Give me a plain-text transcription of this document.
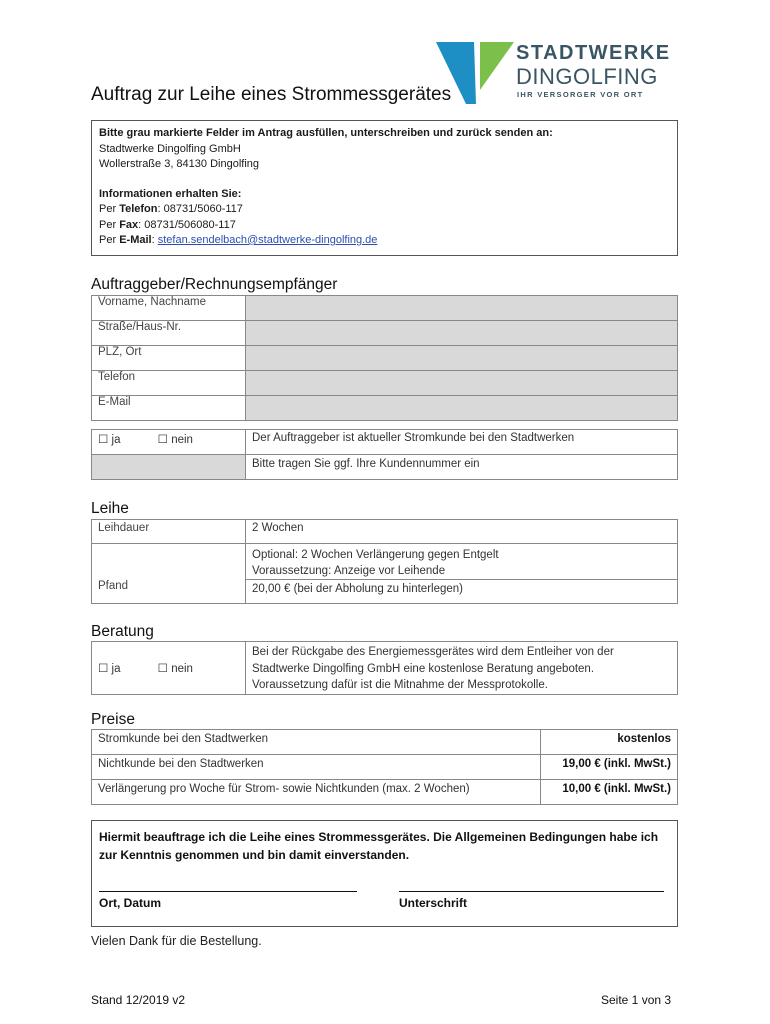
STADTWERKE
DINGOLFING
IHR VERSORGER VOR ORT
Auftrag zur Leihe eines Strommessgerätes
Bitte grau markierte Felder im Antrag ausfüllen, unterschreiben und zurück senden an:
Stadtwerke Dingolfing GmbH
Wollerstraße 3, 84130 Dingolfing
Informationen erhalten Sie:
Per Telefon: 08731/5060-117
Per Fax: 08731/506080-117
Per E-Mail: stefan.sendelbach@stadtwerke-dingolfing.de
Auftraggeber/Rechnungsempfänger
Vorname, Nachname	
Straße/Haus-Nr.	
PLZ, Ort	
Telefon	
E-Mail	
☐ ja ☐ nein	Der Auftraggeber ist aktueller Stromkunde bei den Stadtwerken
	Bitte tragen Sie ggf. Ihre Kundennummer ein
Leihe
Leihdauer	2 Wochen

	Optional: 2 Wochen Verlängerung gegen Entgelt
Voraussetzung: Anzeige vor Leihende

Pfand	20,00 € (bei der Abholung zu hinterlegen)
Beratung
☐ ja	☐ nein	Bei der Rückgabe des Energiemessgerätes wird dem Entleiher von der Stadtwerke Dingolfing GmbH eine kostenlose Beratung angeboten. Voraussetzung dafür ist die Mitnahme der Messprotokolle.
Preise
Stromkunde bei den Stadtwerken	kostenlos
Nichtkunde bei den Stadtwerken	19,00 € (inkl. MwSt.)
Verlängerung pro Woche für Strom- sowie Nichtkunden (max. 2 Wochen)	10,00 € (inkl. MwSt.)
Hiermit beauftrage ich die Leihe eines Strommessgerätes. Die Allgemeinen Bedingungen habe ich zur Kenntnis genommen und bin damit einverstanden.
Ort, Datum	Unterschrift
Vielen Dank für die Bestellung.
Stand 12/2019 v2	Seite 1 von 3
